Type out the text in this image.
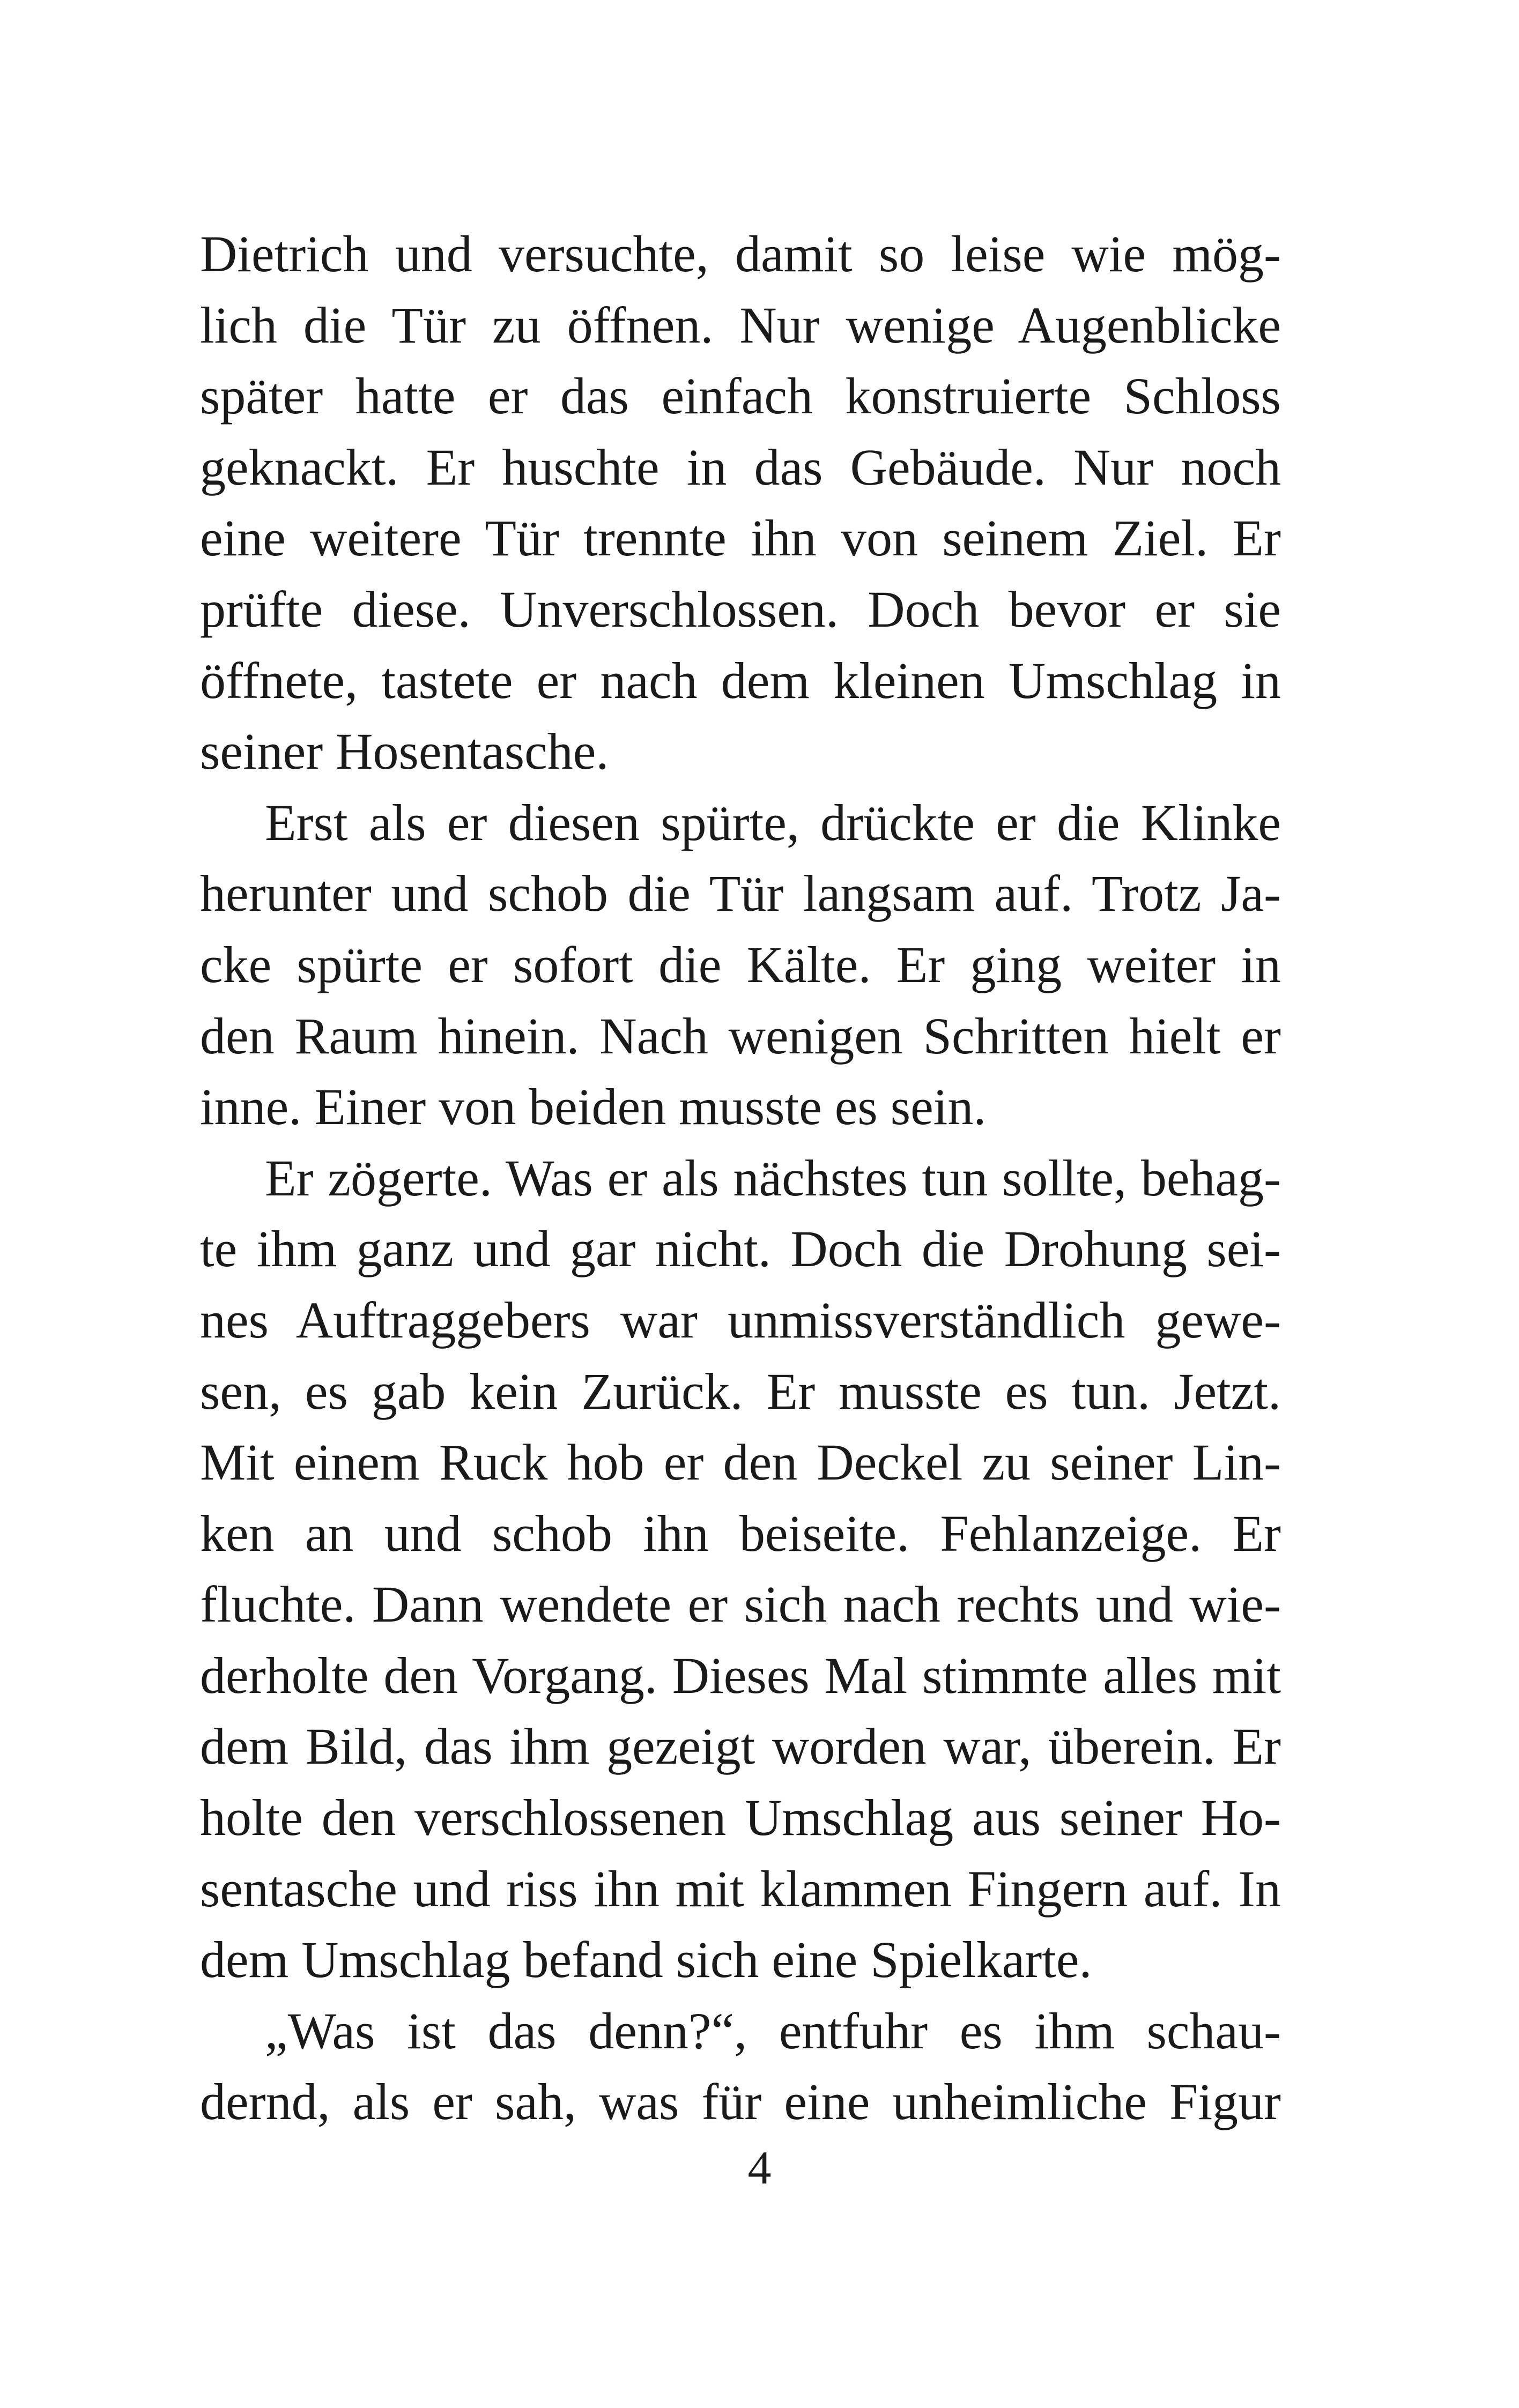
Dietrich und versuchte, damit so leise wie mög-
lich die Tür zu öffnen. Nur wenige Augenblicke
später hatte er das einfach konstruierte Schloss
geknackt. Er huschte in das Gebäude. Nur noch
eine weitere Tür trennte ihn von seinem Ziel. Er
prüfte diese. Unverschlossen. Doch bevor er sie
öffnete, tastete er nach dem kleinen Umschlag in
seiner Hosentasche.
Erst als er diesen spürte, drückte er die Klinke
herunter und schob die Tür langsam auf. Trotz Ja-
cke spürte er sofort die Kälte. Er ging weiter in
den Raum hinein. Nach wenigen Schritten hielt er
inne. Einer von beiden musste es sein.
Er zögerte. Was er als nächstes tun sollte, behag-
te ihm ganz und gar nicht. Doch die Drohung sei-
nes Auftraggebers war unmissverständlich gewe-
sen, es gab kein Zurück. Er musste es tun. Jetzt.
Mit einem Ruck hob er den Deckel zu seiner Lin-
ken an und schob ihn beiseite. Fehlanzeige. Er
fluchte. Dann wendete er sich nach rechts und wie-
derholte den Vorgang. Dieses Mal stimmte alles mit
dem Bild, das ihm gezeigt worden war, überein. Er
holte den verschlossenen Umschlag aus seiner Ho-
sentasche und riss ihn mit klammen Fingern auf. In
dem Umschlag befand sich eine Spielkarte.
„Was ist das denn?“, entfuhr es ihm schau-
dernd, als er sah, was für eine unheimliche Figur
4
